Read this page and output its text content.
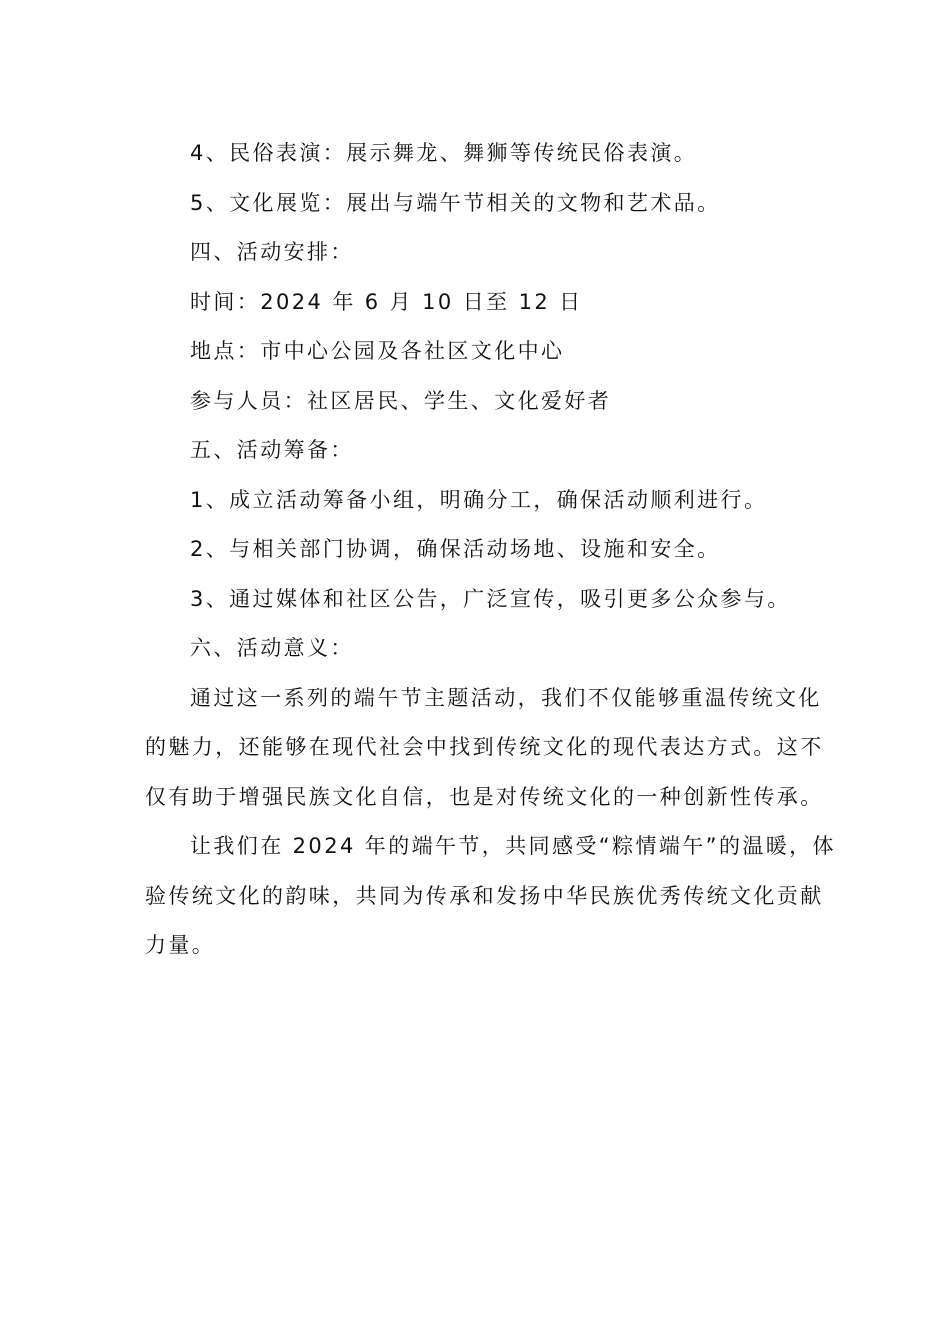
4、民俗表演：展示舞龙、舞狮等传统民俗表演。

5、文化展览：展出与端午节相关的文物和艺术品。

四、活动安排：

时间：2024 年 6 月 10 日至 12 日

地点：市中心公园及各社区文化中心

参与人员：社区居民、学生、文化爱好者

五、活动筹备：

1、成立活动筹备小组，明确分工，确保活动顺利进行。

2、与相关部门协调，确保活动场地、设施和安全。

3、通过媒体和社区公告，广泛宣传，吸引更多公众参与。

六、活动意义：

通过这一系列的端午节主题活动，我们不仅能够重温传统文化

的魅力，还能够在现代社会中找到传统文化的现代表达方式。这不

仅有助于增强民族文化自信，也是对传统文化的一种创新性传承。

让我们在 2024 年的端午节，共同感受“粽情端午”的温暖，体

验传统文化的韵味，共同为传承和发扬中华民族优秀传统文化贡献

力量。
